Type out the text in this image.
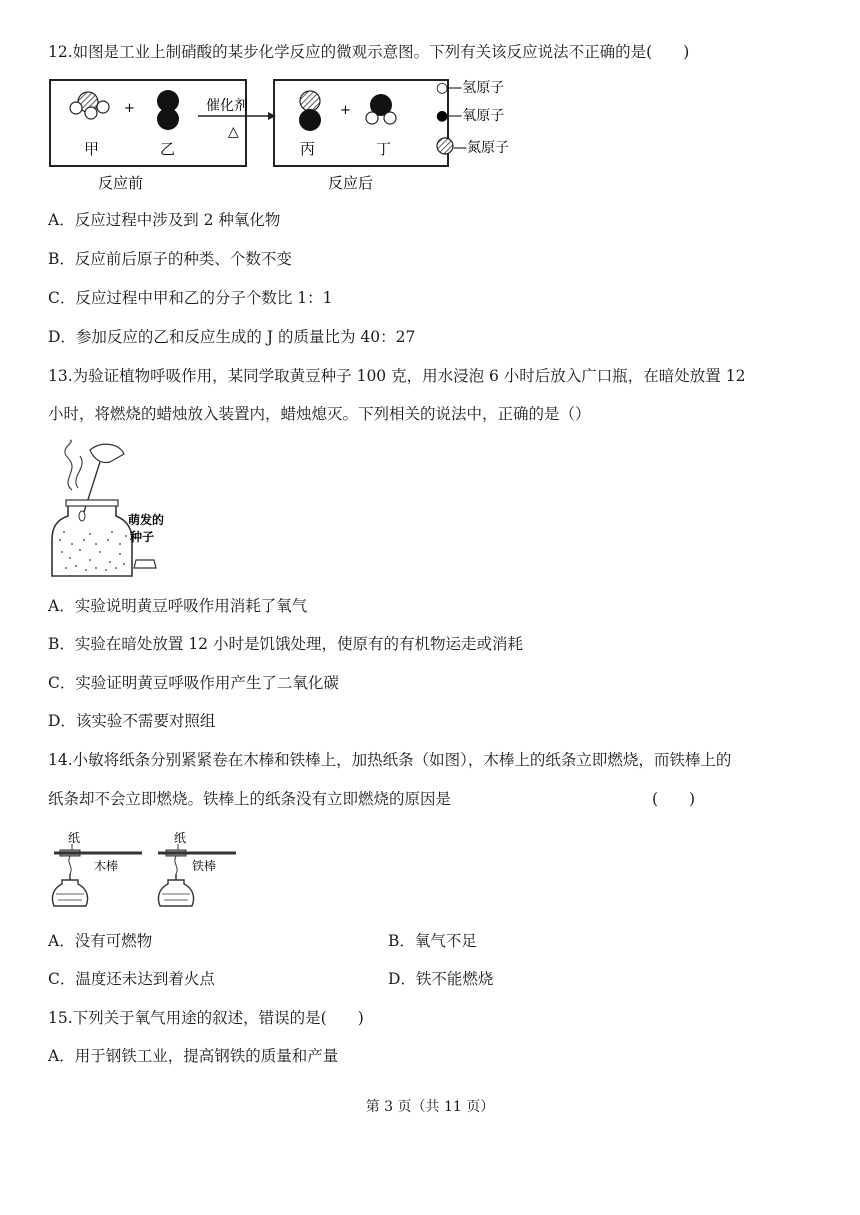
12.如图是工业上制硝酸的某步化学反应的微观示意图。下列有关该反应说法不正确的是(　　)
+
甲	乙
催化剂
△
+
丙	丁
反应前	反应后
○—氢原子
●—氧原子
—氮原子
A．反应过程中涉及到 2 种氧化物
B．反应前后原子的种类、个数不变
C．反应过程中甲和乙的分子个数比 1：1
D．参加反应的乙和反应生成的 J 的质量比为 40：27
13.为验证植物呼吸作用，某同学取黄豆种子 100 克，用水浸泡 6 小时后放入广口瓶，在暗处放置 12
小时，将燃烧的蜡烛放入装置内，蜡烛熄灭。下列相关的说法中，正确的是（）
萌发的
种子
A．实验说明黄豆呼吸作用消耗了氧气
B．实验在暗处放置 12 小时是饥饿处理，使原有的有机物运走或消耗
C．实验证明黄豆呼吸作用产生了二氧化碳
D．该实验不需要对照组
14.小敏将纸条分别紧紧卷在木棒和铁棒上，加热纸条（如图），木棒上的纸条立即燃烧，而铁棒上的
纸条却不会立即燃烧。铁棒上的纸条没有立即燃烧的原因是	(　　)
纸
木棒
纸
铁棒
A．没有可燃物	B．氧气不足
C．温度还未达到着火点	D．铁不能燃烧
15.下列关于氧气用途的叙述，错误的是(　　)
A．用于钢铁工业，提高钢铁的质量和产量
第 3 页（共 11 页）
